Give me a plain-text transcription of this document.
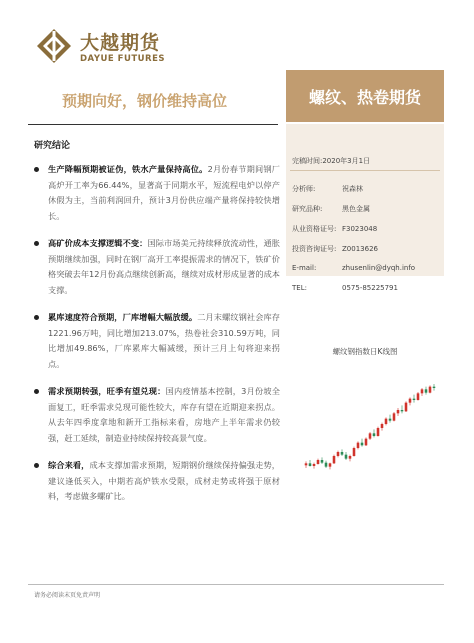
大越期货
DAYUE FUTURES
预期向好，钢价维持高位	螺纹、热卷期货
研究结论
生产降幅预期被证伪，铁水产量保持高位。2月份春节期间钢厂高炉开工率为66.44%，显著高于同期水平，短流程电炉以停产休假为主，当前利润回升，预计3月份供应端产量将保持较快增长。
高矿价成本支撑逻辑不变：国际市场美元持续释放流动性，通胀预期继续加强，同时在钢厂高开工率提振需求的情况下，铁矿价格突破去年12月份高点继续创新高，继续对成材形成显著的成本支撑。
累库速度符合预期，厂库增幅大幅放缓。二月末螺纹钢社会库存1221.96万吨，同比增加213.07%，热卷社会310.59万吨，同比增加49.86%，厂库累库大幅减缓，预计三月上旬将迎来拐点。
需求预期转强，旺季有望兑现：国内疫情基本控制，3月份坡全面复工，旺季需求兑现可能性较大，库存有望在近期迎来拐点。从去年四季度拿地和新开工指标来看，房地产上半年需求仍较强，赶工延续，制造业持续保持较高景气度。
综合来看，成本支撑加需求预期，短期钢价继续保持偏强走势，建议逢低买入，中期若高炉铁水受限，成材走势或将强于原材料，考虑做多螺矿比。
完稿时间:2020年3月1日
分析师:	祝森林
研究品种:	黑色金属
从业资格证号: F3023048
投资咨询证号: Z0013626
E-mail:	zhusenlin@dyqh.info
TEL:	0575-85225791
螺纹钢指数日K线图
请务必阅读末页免责声明
